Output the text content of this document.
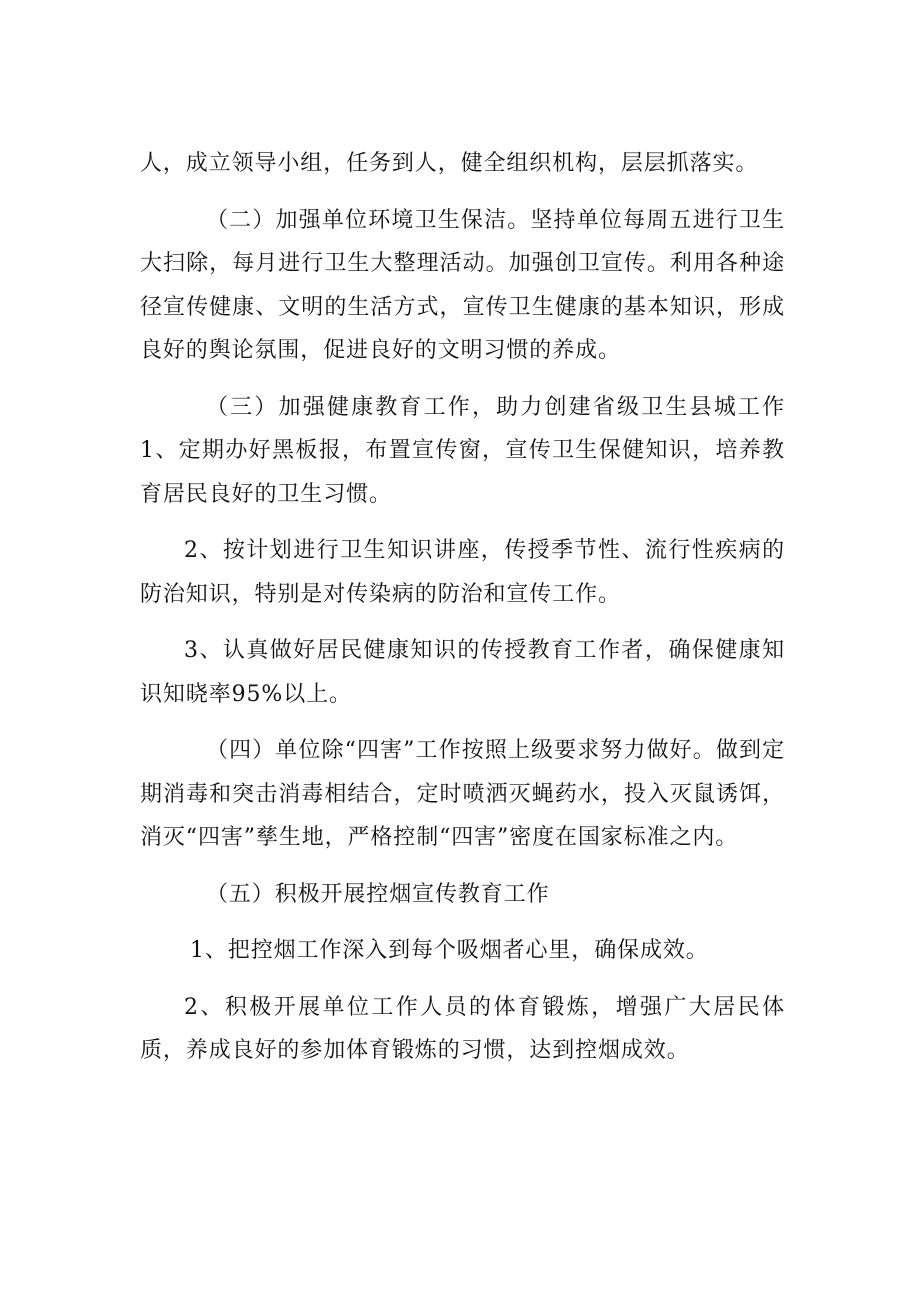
人，成立领导小组，任务到人，健全组织机构，层层抓落实。

（二）加强单位环境卫生保洁。坚持单位每周五进行卫生大扫除，每月进行卫生大整理活动。加强创卫宣传。利用各种途径宣传健康、文明的生活方式，宣传卫生健康的基本知识，形成良好的舆论氛围，促进良好的文明习惯的养成。

（三）加强健康教育工作，助力创建省级卫生县城工作1、定期办好黑板报，布置宣传窗，宣传卫生保健知识，培养教育居民良好的卫生习惯。

2、按计划进行卫生知识讲座，传授季节性、流行性疾病的防治知识，特别是对传染病的防治和宣传工作。

3、认真做好居民健康知识的传授教育工作者，确保健康知识知晓率95%以上。

（四）单位除“四害”工作按照上级要求努力做好。做到定期消毒和突击消毒相结合，定时喷洒灭蝇药水，投入灭鼠诱饵，消灭“四害”孳生地，严格控制“四害”密度在国家标准之内。

（五）积极开展控烟宣传教育工作

1、把控烟工作深入到每个吸烟者心里，确保成效。

2、积极开展单位工作人员的体育锻炼，增强广大居民体质，养成良好的参加体育锻炼的习惯，达到控烟成效。
